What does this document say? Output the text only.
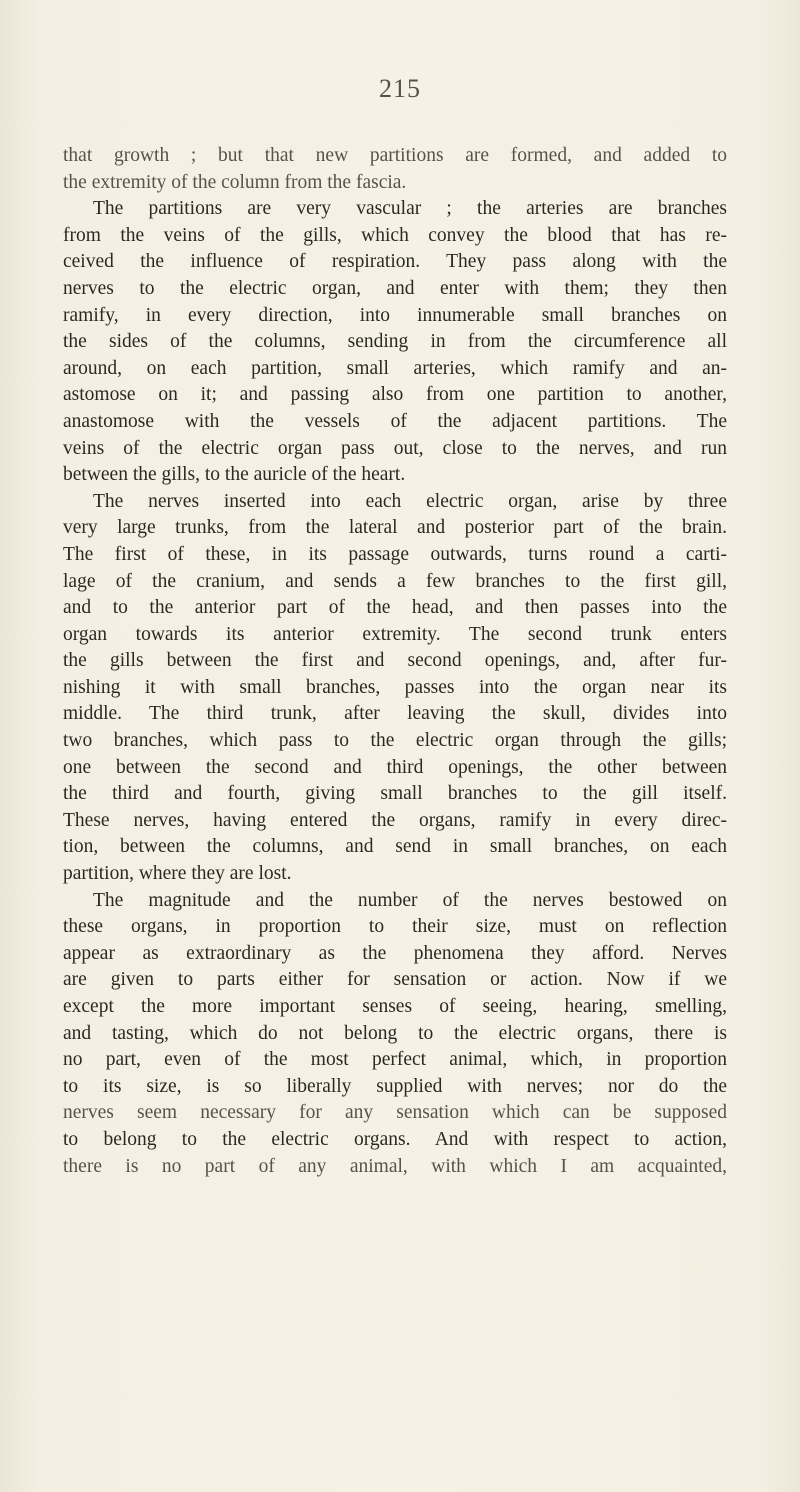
215
that growth ; but that new partitions are formed, and added to
the extremity of the column from the fascia.
The partitions are very vascular ; the arteries are branches
from the veins of the gills, which convey the blood that has re-
ceived the influence of respiration. They pass along with the
nerves to the electric organ, and enter with them; they then
ramify, in every direction, into innumerable small branches on
the sides of the columns, sending in from the circumference all
around, on each partition, small arteries, which ramify and an-
astomose on it; and passing also from one partition to another,
anastomose with the vessels of the adjacent partitions. The
veins of the electric organ pass out, close to the nerves, and run
between the gills, to the auricle of the heart.
The nerves inserted into each electric organ, arise by three
very large trunks, from the lateral and posterior part of the brain.
The first of these, in its passage outwards, turns round a carti-
lage of the cranium, and sends a few branches to the first gill,
and to the anterior part of the head, and then passes into the
organ towards its anterior extremity. The second trunk enters
the gills between the first and second openings, and, after fur-
nishing it with small branches, passes into the organ near its
middle. The third trunk, after leaving the skull, divides into
two branches, which pass to the electric organ through the gills;
one between the second and third openings, the other between
the third and fourth, giving small branches to the gill itself.
These nerves, having entered the organs, ramify in every direc-
tion, between the columns, and send in small branches, on each
partition, where they are lost.
The magnitude and the number of the nerves bestowed on
these organs, in proportion to their size, must on reflection
appear as extraordinary as the phenomena they afford. Nerves
are given to parts either for sensation or action. Now if we
except the more important senses of seeing, hearing, smelling,
and tasting, which do not belong to the electric organs, there is
no part, even of the most perfect animal, which, in proportion
to its size, is so liberally supplied with nerves; nor do the
nerves seem necessary for any sensation which can be supposed
to belong to the electric organs. And with respect to action,
there is no part of any animal, with which I am acquainted,
